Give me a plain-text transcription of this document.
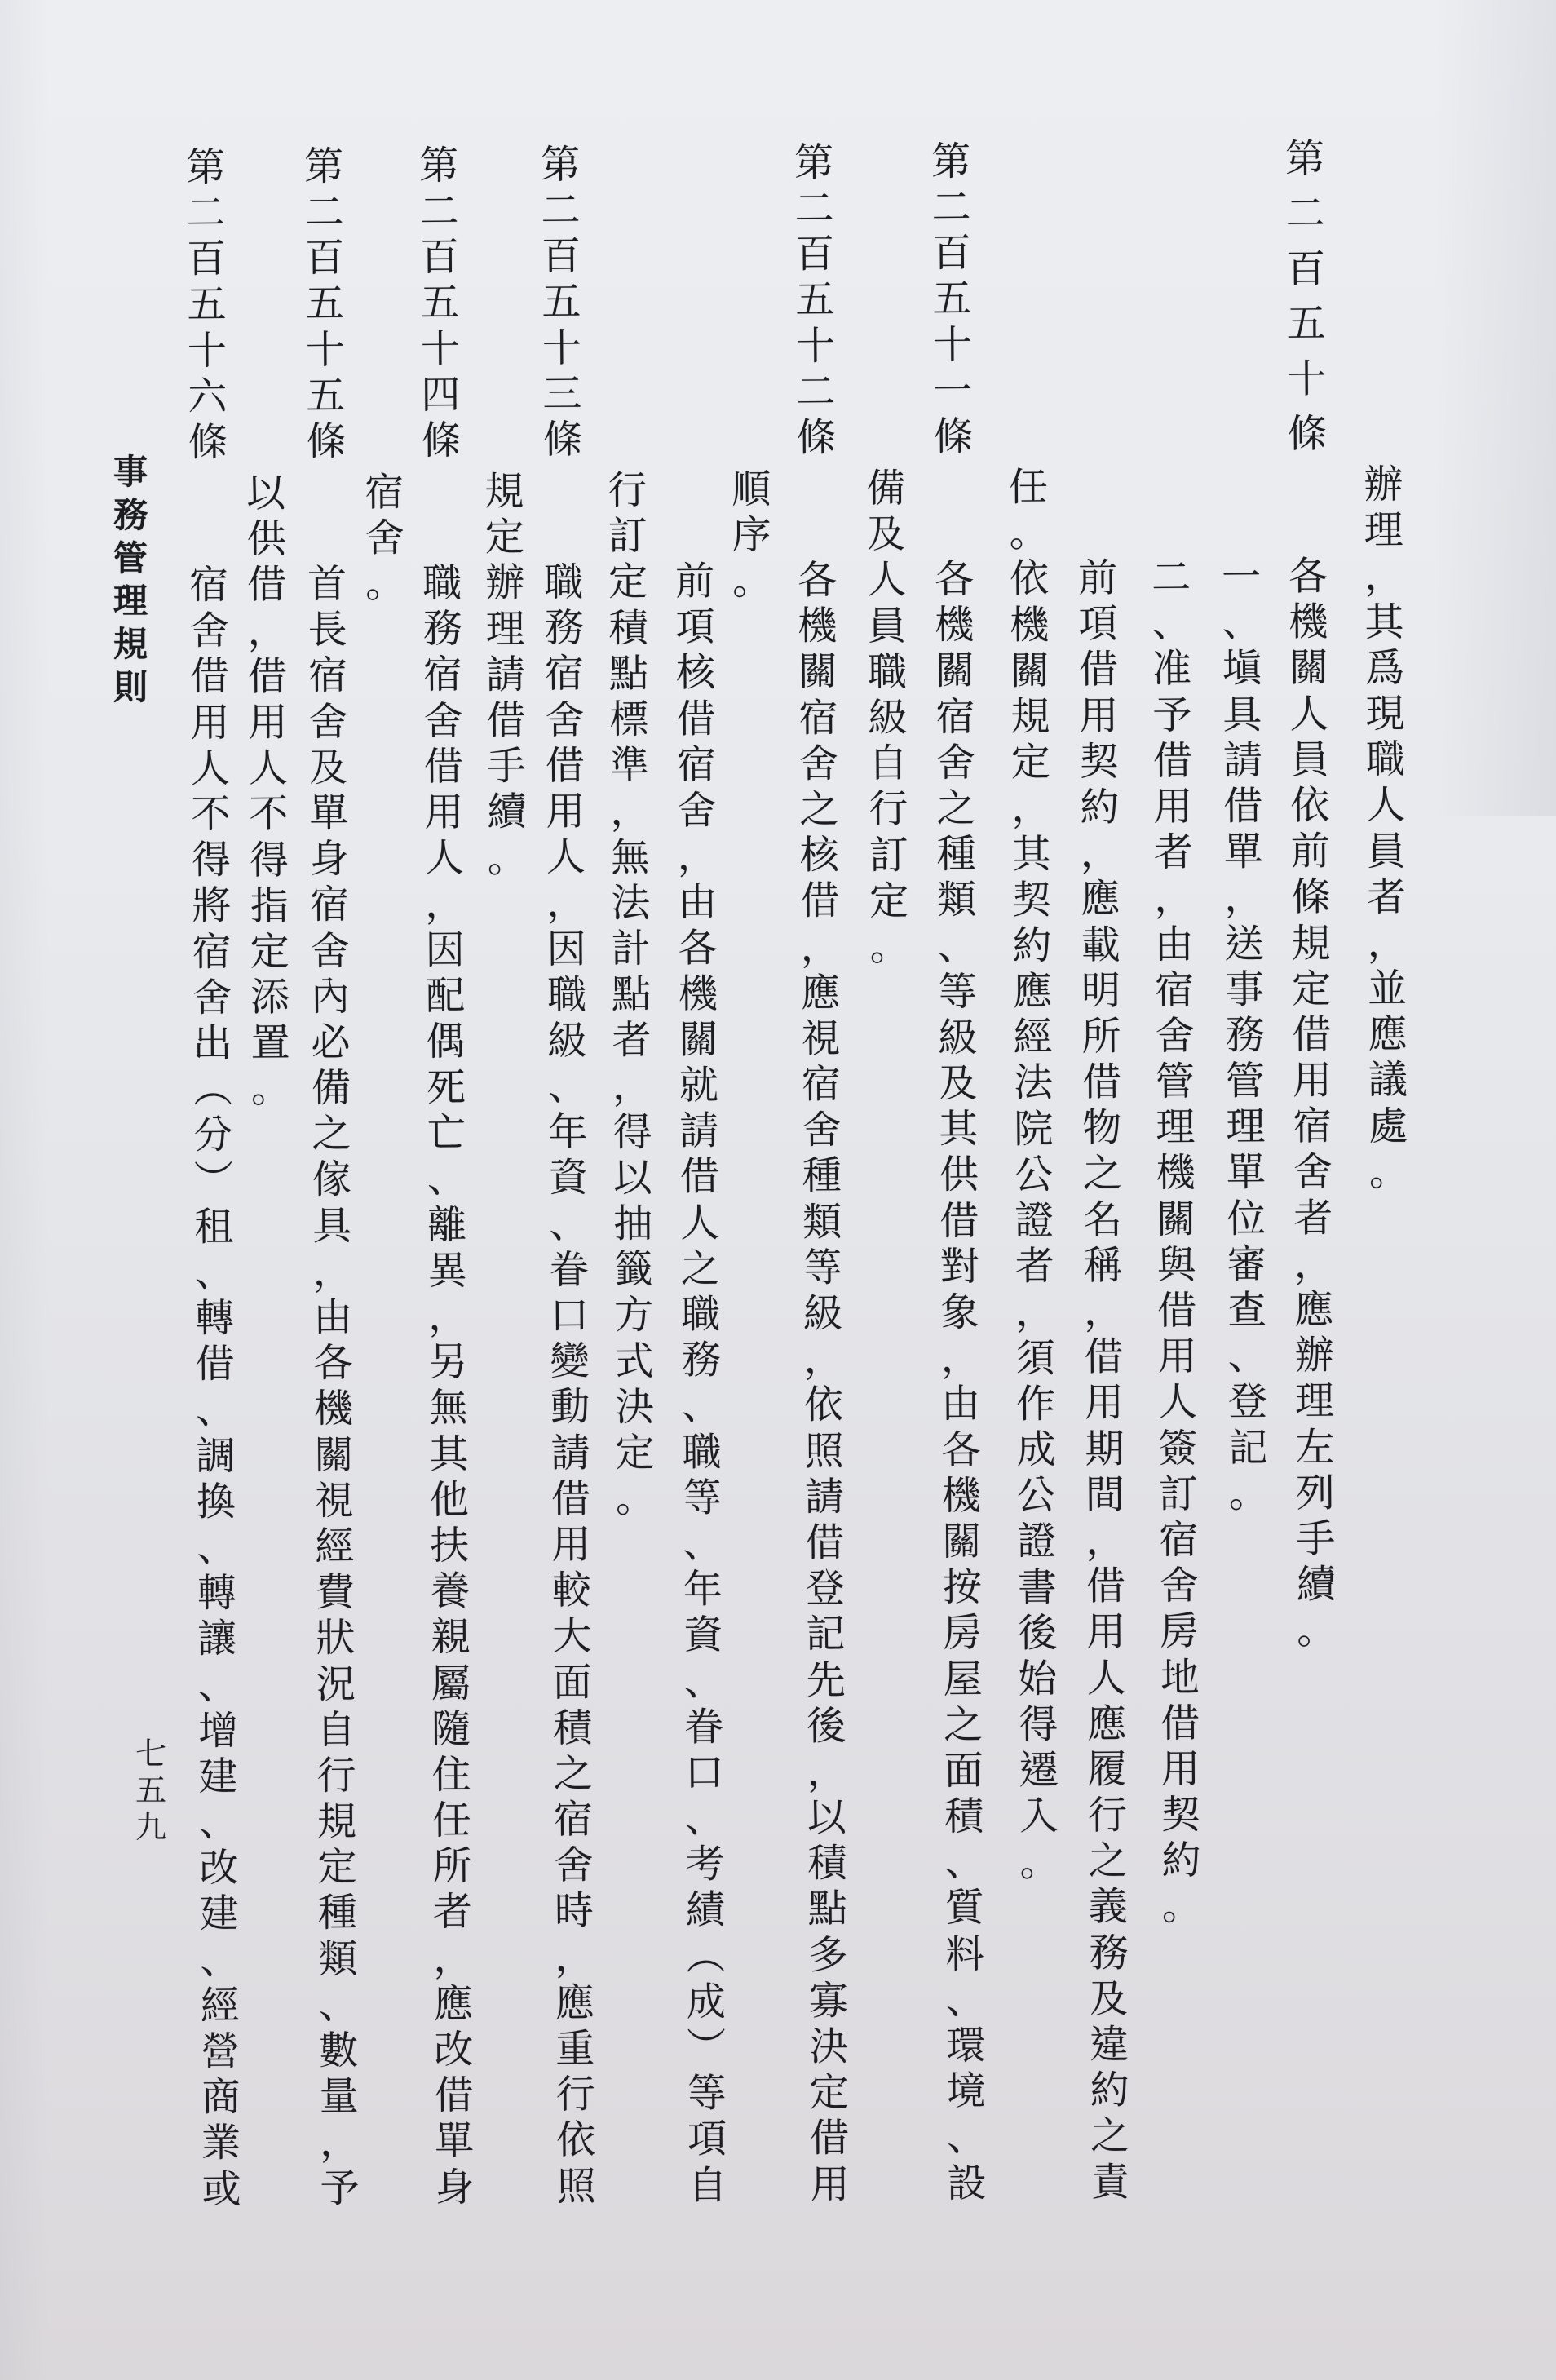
辦
理
，
其
爲
現
職
人
員
者
，
並
應
議
處
。
第
二
百
五
十
條
各
機
關
人
員
依
前
條
規
定
借
用
宿
舍
者
，
應
辦
理
左
列
手
續
。
一
、
塡
具
請
借
單
，
送
事
務
管
理
單
位
審
查
、
登
記
。
二
、
准
予
借
用
者
，
由
宿
舍
管
理
機
關
與
借
用
人
簽
訂
宿
舍
房
地
借
用
契
約
。
前
項
借
用
契
約
，
應
載
明
所
借
物
之
名
稱
，
借
用
期
間
，
借
用
人
應
履
行
之
義
務
及
違
約
之
責
任
。
依
機
關
規
定
，
其
契
約
應
經
法
院
公
證
者
，
須
作
成
公
證
書
後
始
得
遷
入
。
第
二
百
五
十
一
條
各
機
關
宿
舍
之
種
類
、
等
級
及
其
供
借
對
象
，
由
各
機
關
按
房
屋
之
面
積
、
質
料
、
環
境
、
設
備
及
人
員
職
級
自
行
訂
定
。
第
二
百
五
十
二
條
各
機
關
宿
舍
之
核
借
，
應
視
宿
舍
種
類
等
級
，
依
照
請
借
登
記
先
後
，
以
積
點
多
寡
決
定
借
用
順
序
。
前
項
核
借
宿
舍
，
由
各
機
關
就
請
借
人
之
職
務
、
職
等
、
年
資
、
眷
口
、
考
績
︵
成
︶
等
項
自
行
訂
定
積
點
標
準
，
無
法
計
點
者
，
得
以
抽
籤
方
式
決
定
。
第
二
百
五
十
三
條
職
務
宿
舍
借
用
人
，
因
職
級
、
年
資
、
眷
口
變
動
請
借
用
較
大
面
積
之
宿
舍
時
，
應
重
行
依
照
規
定
辦
理
請
借
手
續
。
第
二
百
五
十
四
條
職
務
宿
舍
借
用
人
，
因
配
偶
死
亡
、
離
異
，
另
無
其
他
扶
養
親
屬
隨
住
任
所
者
，
應
改
借
單
身
宿
舍
。
第
二
百
五
十
五
條
首
長
宿
舍
及
單
身
宿
舍
內
必
備
之
傢
具
，
由
各
機
關
視
經
費
狀
況
自
行
規
定
種
類
、
數
量
，
予
以
供
借
，
借
用
人
不
得
指
定
添
置
。
第
二
百
五
十
六
條
宿
舍
借
用
人
不
得
將
宿
舍
出
︵
分
︶
租
、
轉
借
、
調
換
、
轉
讓
、
增
建
、
改
建
、
經
營
商
業
或
事
務
管
理
規
則
七
五
九
